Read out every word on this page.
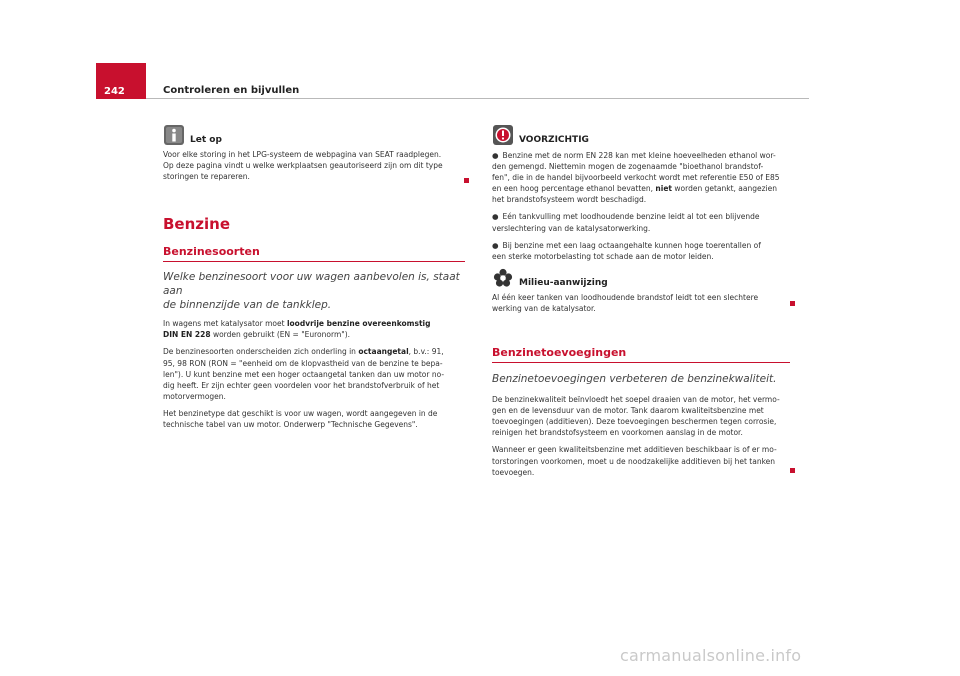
242	Controleren en bijvullen
Let op

Voor elke storing in het LPG-systeem de webpagina van SEAT raadplegen.
Op deze pagina vindt u welke werkplaatsen geautoriseerd zijn om dit type
storingen te repareren.

Benzine
Benzinesoorten

Welke benzinesoort voor uw wagen aanbevolen is, staat aan
de binnenzijde van de tankklep.

In wagens met katalysator moet loodvrije benzine overeenkomstig
DIN EN 228 worden gebruikt (EN = "Euronorm").

De benzinesoorten onderscheiden zich onderling in octaangetal, b.v.: 91,
95, 98 RON (RON = "eenheid om de klopvastheid van de benzine te bepa-
len"). U kunt benzine met een hoger octaangetal tanken dan uw motor no-
dig heeft. Er zijn echter geen voordelen voor het brandstofverbruik of het
motorvermogen.

Het benzinetype dat geschikt is voor uw wagen, wordt aangegeven in de
technische tabel van uw motor. Onderwerp "Technische Gegevens".

VOORZICHTIG

● Benzine met de norm EN 228 kan met kleine hoeveelheden ethanol wor-
den gemengd. Niettemin mogen de zogenaamde "bioethanol brandstof-
fen", die in de handel bijvoorbeeld verkocht wordt met referentie E50 of E85
en een hoog percentage ethanol bevatten, niet worden getankt, aangezien
het brandstofsysteem wordt beschadigd.

● Eén tankvulling met loodhoudende benzine leidt al tot een blijvende
verslechtering van de katalysatorwerking.

● Bij benzine met een laag octaangehalte kunnen hoge toerentallen of
een sterke motorbelasting tot schade aan de motor leiden.

Milieu-aanwijzing

Al één keer tanken van loodhoudende brandstof leidt tot een slechtere
werking van de katalysator.

Benzinetoevoegingen

Benzinetoevoegingen verbeteren de benzinekwaliteit.

De benzinekwaliteit beïnvloedt het soepel draaien van de motor, het vermo-
gen en de levensduur van de motor. Tank daarom kwaliteitsbenzine met
toevoegingen (additieven). Deze toevoegingen beschermen tegen corrosie,
reinigen het brandstofsysteem en voorkomen aanslag in de motor.

Wanneer er geen kwaliteitsbenzine met additieven beschikbaar is of er mo-
torstoringen voorkomen, moet u de noodzakelijke additieven bij het tanken
toevoegen.

carmanualsonline.info
